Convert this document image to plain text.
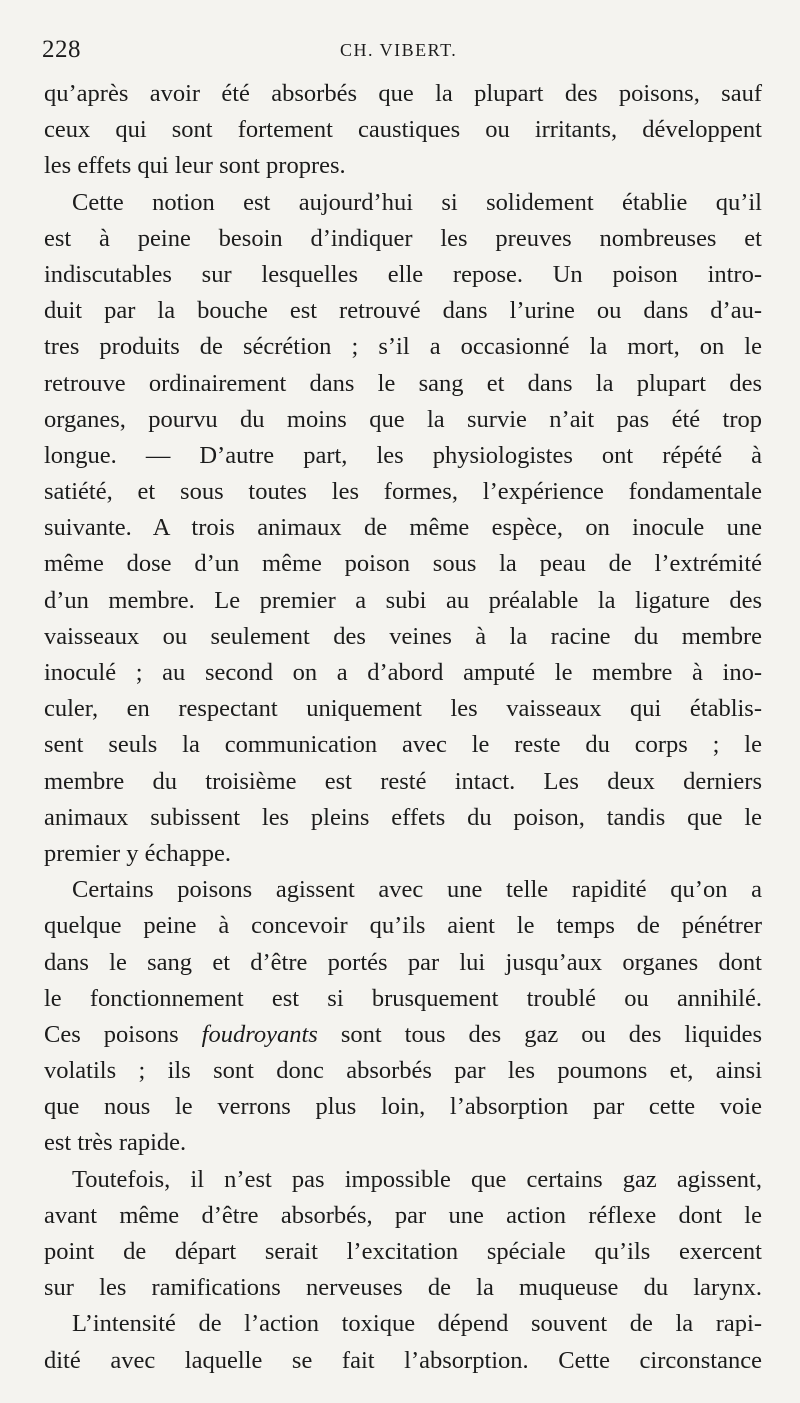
228	CH. VIBERT.
qu’après avoir été absorbés que la plupart des poisons, sauf
ceux qui sont fortement caustiques ou irritants, développent
les effets qui leur sont propres.
Cette notion est aujourd’hui si solidement établie qu’il
est à peine besoin d’indiquer les preuves nombreuses et
indiscutables sur lesquelles elle repose. Un poison intro-
duit par la bouche est retrouvé dans l’urine ou dans d’au-
tres produits de sécrétion ; s’il a occasionné la mort, on le
retrouve ordinairement dans le sang et dans la plupart des
organes, pourvu du moins que la survie n’ait pas été trop
longue. — D’autre part, les physiologistes ont répété à
satiété, et sous toutes les formes, l’expérience fondamentale
suivante. A trois animaux de même espèce, on inocule une
même dose d’un même poison sous la peau de l’extrémité
d’un membre. Le premier a subi au préalable la ligature des
vaisseaux ou seulement des veines à la racine du membre
inoculé ; au second on a d’abord amputé le membre à ino-
culer, en respectant uniquement les vaisseaux qui établis-
sent seuls la communication avec le reste du corps ; le
membre du troisième est resté intact. Les deux derniers
animaux subissent les pleins effets du poison, tandis que le
premier y échappe.
Certains poisons agissent avec une telle rapidité qu’on a
quelque peine à concevoir qu’ils aient le temps de pénétrer
dans le sang et d’être portés par lui jusqu’aux organes dont
le fonctionnement est si brusquement troublé ou annihilé.
Ces poisons foudroyants sont tous des gaz ou des liquides
volatils ; ils sont donc absorbés par les poumons et, ainsi
que nous le verrons plus loin, l’absorption par cette voie
est très rapide.
Toutefois, il n’est pas impossible que certains gaz agissent,
avant même d’être absorbés, par une action réflexe dont le
point de départ serait l’excitation spéciale qu’ils exercent
sur les ramifications nerveuses de la muqueuse du larynx.
L’intensité de l’action toxique dépend souvent de la rapi-
dité avec laquelle se fait l’absorption. Cette circonstance
